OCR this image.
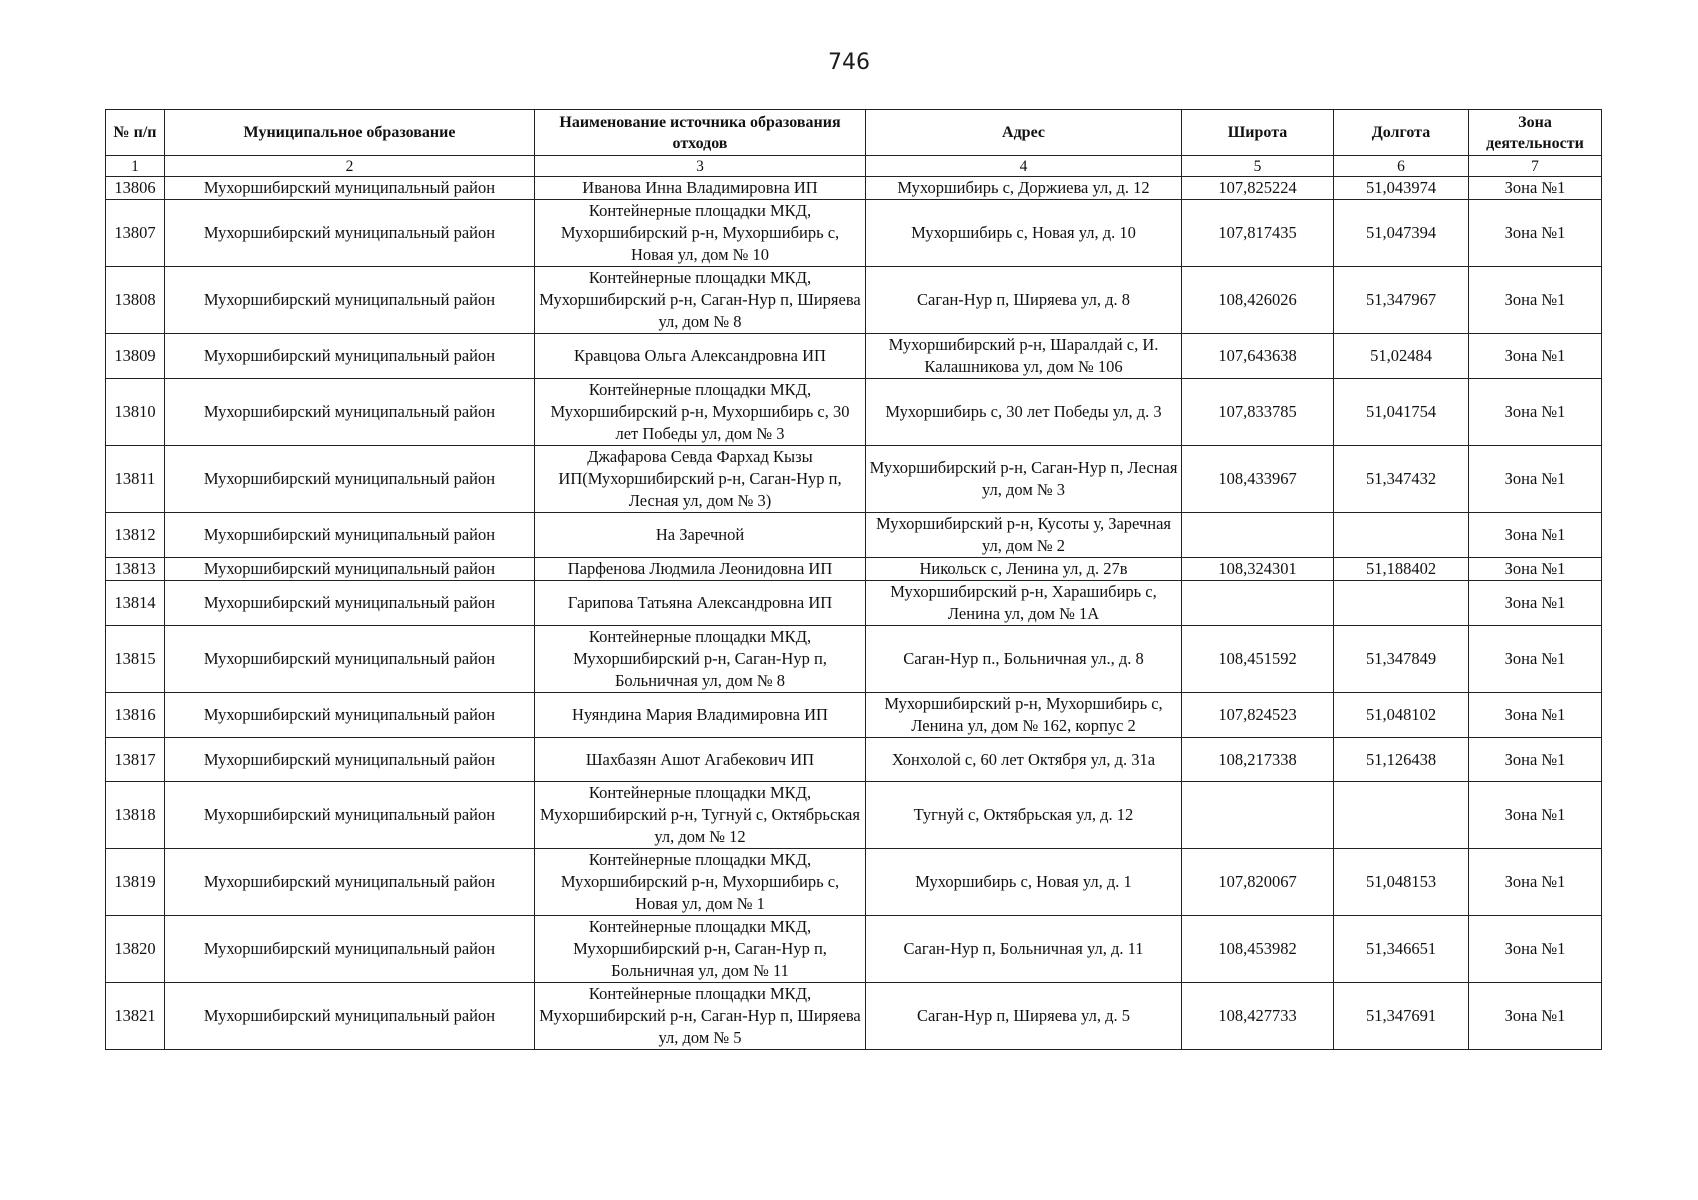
746
№ п/п	Муниципальное образование	Наименование источника образования отходов	Адрес	Широта	Долгота	Зона деятельности
1	2	3	4	5	6	7
13806	Мухоршибирский муниципальный район	Иванова Инна Владимировна ИП	Мухоршибирь с, Доржиева ул, д. 12	107,825224	51,043974	Зона №1
13807	Мухоршибирский муниципальный район	Контейнерные площадки МКД, Мухоршибирский р-н, Мухоршибирь с, Новая ул, дом № 10	Мухоршибирь с, Новая ул, д. 10	107,817435	51,047394	Зона №1
13808	Мухоршибирский муниципальный район	Контейнерные площадки МКД, Мухоршибирский р-н, Саган-Нур п, Ширяева ул, дом № 8	Саган-Нур п, Ширяева ул, д. 8	108,426026	51,347967	Зона №1
13809	Мухоршибирский муниципальный район	Кравцова Ольга Александровна ИП	Мухоршибирский р-н, Шаралдай с, И. Калашникова ул, дом № 106	107,643638	51,02484	Зона №1
13810	Мухоршибирский муниципальный район	Контейнерные площадки МКД, Мухоршибирский р-н, Мухоршибирь с, 30 лет Победы ул, дом № 3	Мухоршибирь с, 30 лет Победы ул, д. 3	107,833785	51,041754	Зона №1
13811	Мухоршибирский муниципальный район	Джафарова Севда Фархад Кызы ИП(Мухоршибирский р-н, Саган-Нур п, Лесная ул, дом № 3)	Мухоршибирский р-н, Саган-Нур п, Лесная ул, дом № 3	108,433967	51,347432	Зона №1
13812	Мухоршибирский муниципальный район	На Заречной	Мухоршибирский р-н, Кусоты у, Заречная ул, дом № 2			Зона №1
13813	Мухоршибирский муниципальный район	Парфенова Людмила Леонидовна ИП	Никольск с, Ленина ул, д. 27в	108,324301	51,188402	Зона №1
13814	Мухоршибирский муниципальный район	Гарипова Татьяна Александровна ИП	Мухоршибирский р-н, Харашибирь с, Ленина ул, дом № 1А			Зона №1
13815	Мухоршибирский муниципальный район	Контейнерные площадки МКД, Мухоршибирский р-н, Саган-Нур п, Больничная ул, дом № 8	Саган-Нур п., Больничная ул., д. 8	108,451592	51,347849	Зона №1
13816	Мухоршибирский муниципальный район	Нуяндина Мария Владимировна ИП	Мухоршибирский р-н, Мухоршибирь с, Ленина ул, дом № 162, корпус 2	107,824523	51,048102	Зона №1
13817	Мухоршибирский муниципальный район	Шахбазян Ашот Агабекович ИП	Хонхолой с, 60 лет Октября ул, д. 31а	108,217338	51,126438	Зона №1
13818	Мухоршибирский муниципальный район	Контейнерные площадки МКД, Мухоршибирский р-н, Тугнуй с, Октябрьская ул, дом № 12	Тугнуй с, Октябрьская ул, д. 12			Зона №1
13819	Мухоршибирский муниципальный район	Контейнерные площадки МКД, Мухоршибирский р-н, Мухоршибирь с, Новая ул, дом № 1	Мухоршибирь с, Новая ул, д. 1	107,820067	51,048153	Зона №1
13820	Мухоршибирский муниципальный район	Контейнерные площадки МКД, Мухоршибирский р-н, Саган-Нур п, Больничная ул, дом № 11	Саган-Нур п, Больничная ул, д. 11	108,453982	51,346651	Зона №1
13821	Мухоршибирский муниципальный район	Контейнерные площадки МКД, Мухоршибирский р-н, Саган-Нур п, Ширяева ул, дом № 5	Саган-Нур п, Ширяева ул, д. 5	108,427733	51,347691	Зона №1
